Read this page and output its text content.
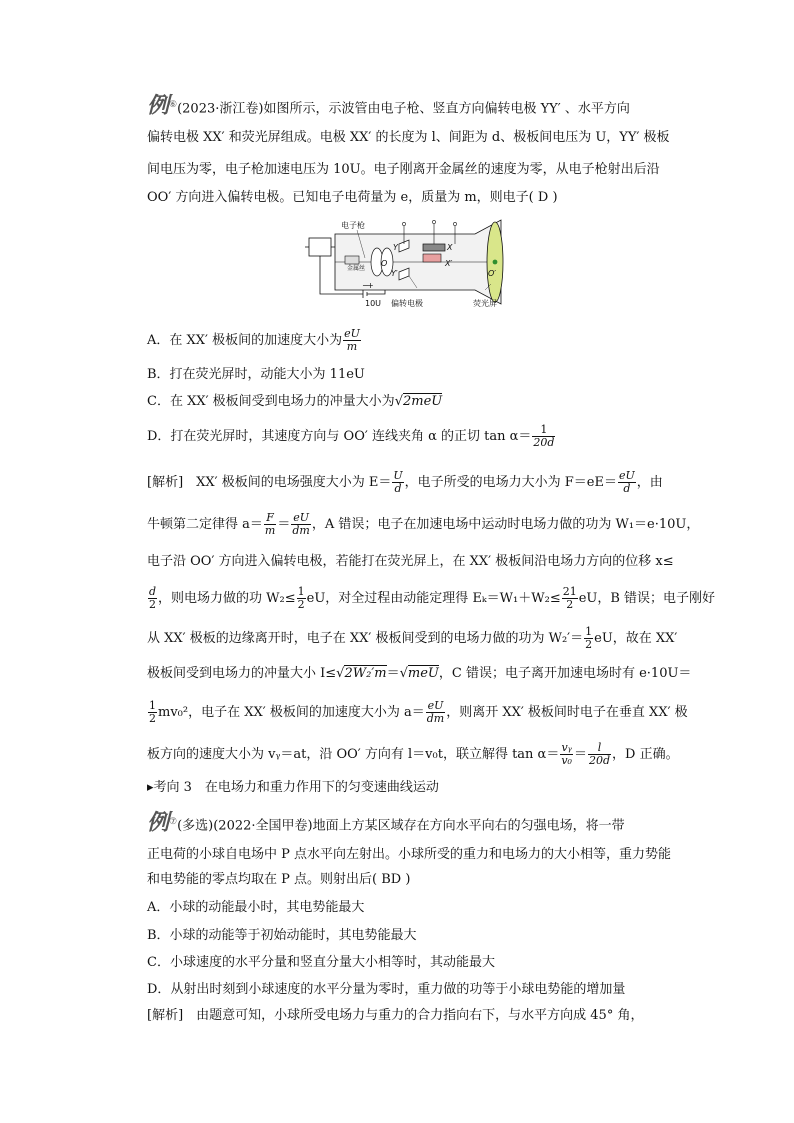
例⑥(2023·浙江卷)如图所示，示波管由电子枪、竖直方向偏转电极 YY′ 、水平方向
偏转电极 XX′ 和荧光屏组成。电极 XX′ 的长度为 l、间距为 d、极板间电压为 U，YY′ 极板
间电压为零，电子枪加速电压为 10U。电子刚离开金属丝的速度为零，从电子枪射出后沿
OO′ 方向进入偏转电极。已知电子电荷量为 e，质量为 m，则电子( D )
电子枪
金属丝
10U
−
+
偏转电极	荧光屏
X
X′
Y
Y′
O
O′
A．在 XX′ 极板间的加速度大小为 $\frac{eU}{m}$
B．打在荧光屏时，动能大小为 11eU
C．在 XX′ 极板间受到电场力的冲量大小为√2meU
D．打在荧光屏时，其速度方向与 OO′ 连线夹角 α 的正切 $\tan \alpha= \frac{1}{20d}$
[解析]　XX′ 极板间的电场强度大小为 $E= \frac{U}{d}$ ，电子所受的电场力大小为 $F=eE= \frac{eU}{d}$ ，由
牛顿第二定律得 $a= \frac{F}{m} = \frac{eU}{dm}$ ，A 错误；电子在加速电场中运动时电场力做的功为 W₁＝e·10U，
电子沿 OO′ 方向进入偏转电极，若能打在荧光屏上，在 XX′ 极板间沿电场力方向的位移 x≤
$\frac{d}{2}$ ，则电场力做的功 $W_2\le \frac{1}{2}$ eU，对全过程由动能定理得 $E_k=W_1+W_2\le \frac{21}{2}$ eU，B 错误；电子刚好
从 XX′ 极板的边缘离开时，电子在 XX′ 极板间受到的电场力做的功为 $W_2'= \frac{1}{2}$ eU，故在 XX′
极板间受到电场力的冲量大小 I≤√2W₂′m＝√meU，C 错误；电子离开加速电场时有 e·10U＝
$\frac{1}{2} mv_0^2$，电子在 XX′ 极板间的加速度大小为 $a= \frac{eU}{dm}$ ，则离开 XX′ 极板间时电子在垂直 XX′ 极
板方向的速度大小为 vᵧ＝at，沿 OO′ 方向有 l＝v₀t，联立解得 $\tan \alpha= \frac{\text{vᵧ}}{\text{v₀}} = \frac{l}{20d}$ ，D 正确。
▸考向 3　在电场力和重力作用下的匀变速曲线运动
例⑦(多选)(2022·全国甲卷)地面上方某区域存在方向水平向右的匀强电场，将一带
正电荷的小球自电场中 P 点水平向左射出。小球所受的重力和电场力的大小相等，重力势能
和电势能的零点均取在 P 点。则射出后( BD )
A．小球的动能最小时，其电势能最大
B．小球的动能等于初始动能时，其电势能最大
C．小球速度的水平分量和竖直分量大小相等时，其动能最大
D．从射出时刻到小球速度的水平分量为零时，重力做的功等于小球电势能的增加量
[解析]　由题意可知，小球所受电场力与重力的合力指向右下，与水平方向成 45° 角，
